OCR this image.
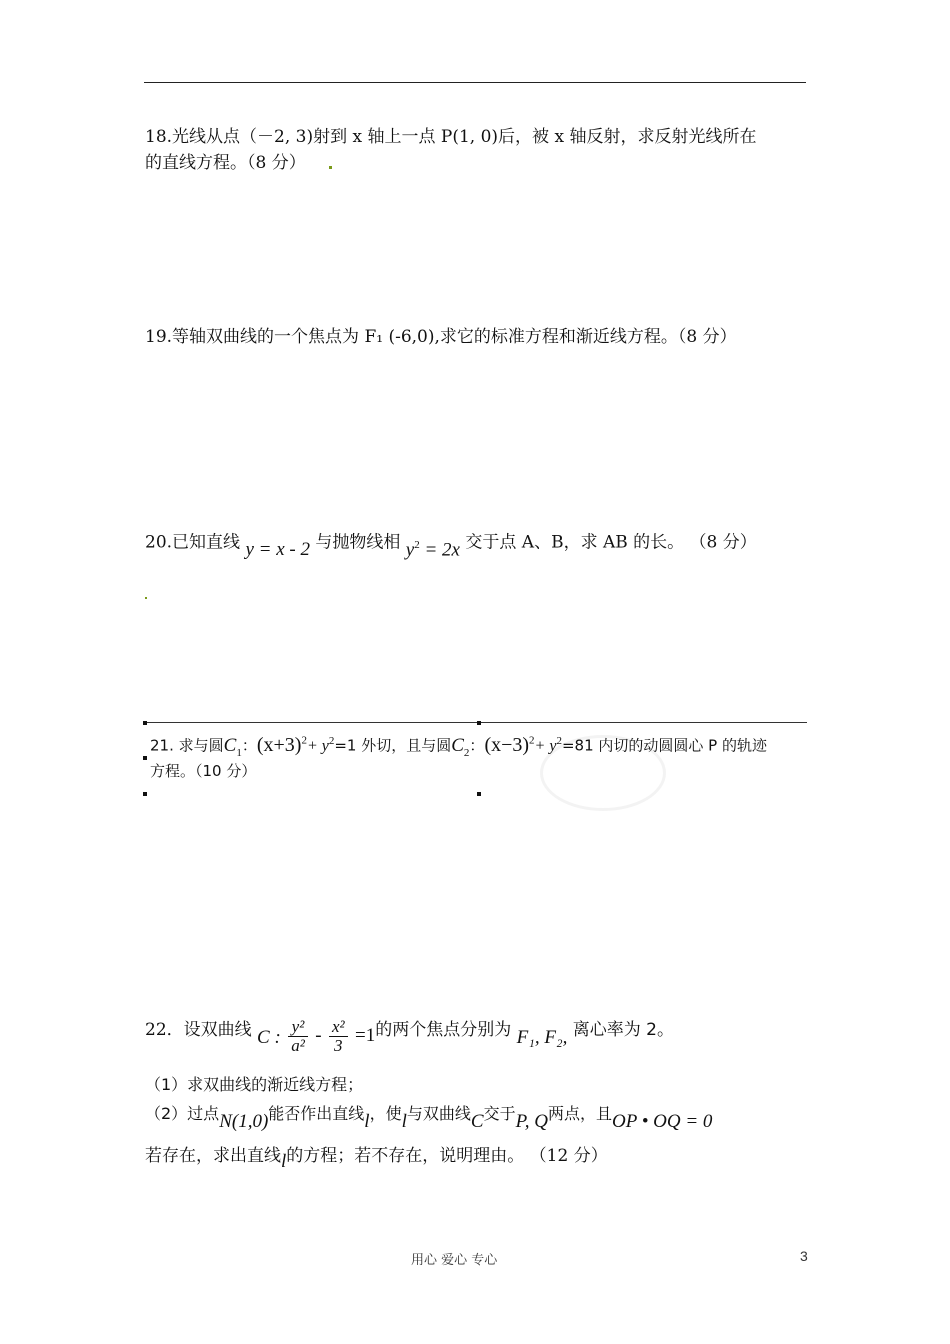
18.光线从点（－2, 3)射到 x 轴上一点 P(1, 0)后，被 x 轴反射，求反射光线所在
的直线方程。（8 分）
19.等轴双曲线的一个焦点为 F₁ (-6,0),求它的标准方程和渐近线方程。（8 分）
20.已知直线 y = x - 2 与抛物线相 $y^2 = 2x$ 交于点 A、B，求 AB 的长。 （8 分）
21. 求与圆$C_1$：$(x+3)^2+ y^2=1$ 外切，且与圆$C_2$：$(x-3)^2+ y^2=81$ 内切的动圆圆心 P 的轨迹
方程。（10 分）
22．设双曲线 C : $\frac{\text{y²}}{\text{a²}} - \frac{\text{x²}}{3} =1$的两个焦点分别为 F₁, F₂, 离心率为 2。
（1）求双曲线的渐近线方程；
（2）过点N(1,0)能否作出直线l，使l与双曲线C交于P, Q两点，且OP • OQ = 0
若存在，求出直线l的方程；若不存在，说明理由。 （12 分）
用心 爱心 专心	3
